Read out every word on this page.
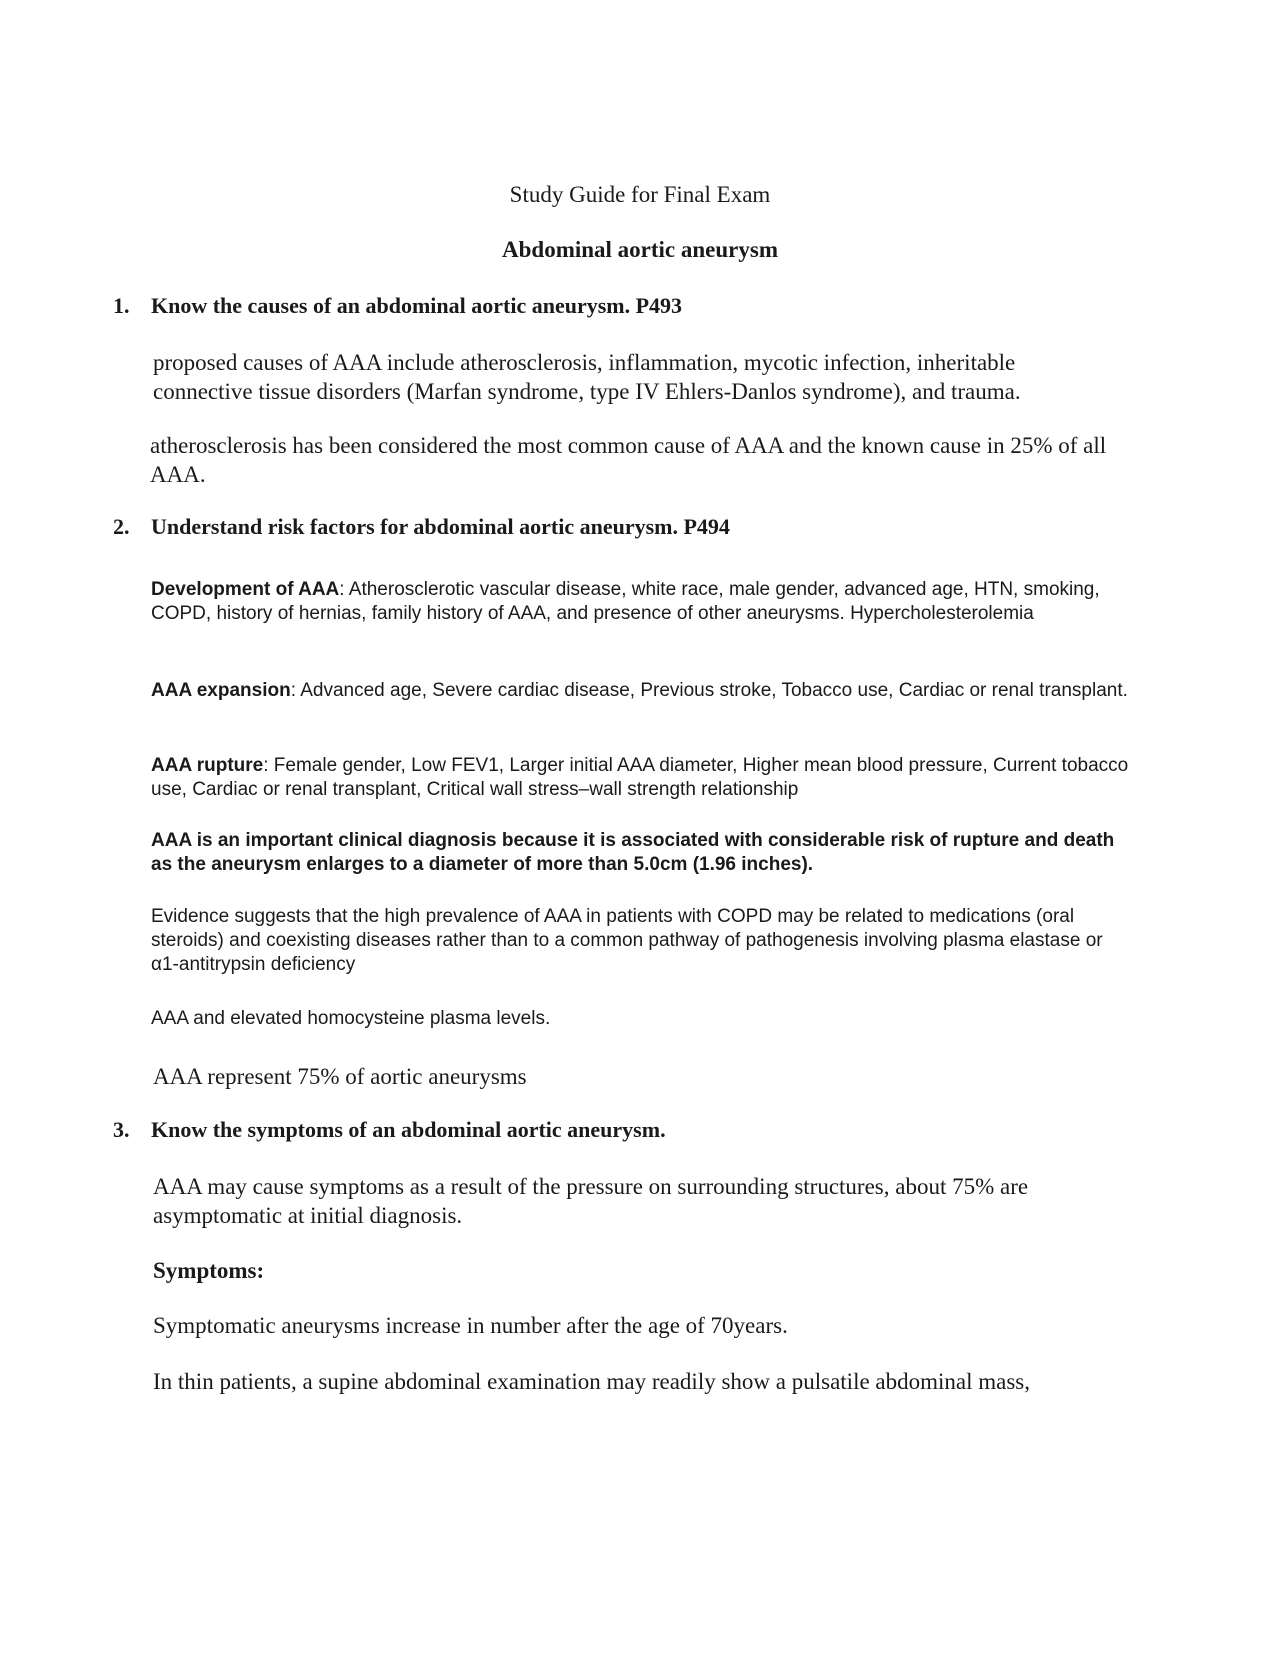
Study Guide for Final Exam
Abdominal aortic aneurysm
1. Know the causes of an abdominal aortic aneurysm. P493
proposed causes of AAA include atherosclerosis, inflammation, mycotic infection, inheritable connective tissue disorders (Marfan syndrome, type IV Ehlers-Danlos syndrome), and trauma.
atherosclerosis has been considered the most common cause of AAA and the known cause in 25% of all AAA.
2. Understand risk factors for abdominal aortic aneurysm. P494
Development of AAA: Atherosclerotic vascular disease, white race, male gender, advanced age, HTN, smoking, COPD, history of hernias, family history of AAA, and presence of other aneurysms. Hypercholesterolemia
AAA expansion: Advanced age, Severe cardiac disease, Previous stroke, Tobacco use, Cardiac or renal transplant.
AAA rupture: Female gender, Low FEV1, Larger initial AAA diameter, Higher mean blood pressure, Current tobacco use, Cardiac or renal transplant, Critical wall stress–wall strength relationship
AAA is an important clinical diagnosis because it is associated with considerable risk of rupture and death as the aneurysm enlarges to a diameter of more than 5.0cm (1.96 inches).
Evidence suggests that the high prevalence of AAA in patients with COPD may be related to medications (oral steroids) and coexisting diseases rather than to a common pathway of pathogenesis involving plasma elastase or α1-antitrypsin deficiency
AAA and elevated homocysteine plasma levels.
AAA represent 75% of aortic aneurysms
3. Know the symptoms of an abdominal aortic aneurysm.
AAA may cause symptoms as a result of the pressure on surrounding structures, about 75% are asymptomatic at initial diagnosis.
Symptoms:
Symptomatic aneurysms increase in number after the age of 70years.
In thin patients, a supine abdominal examination may readily show a pulsatile abdominal mass,
